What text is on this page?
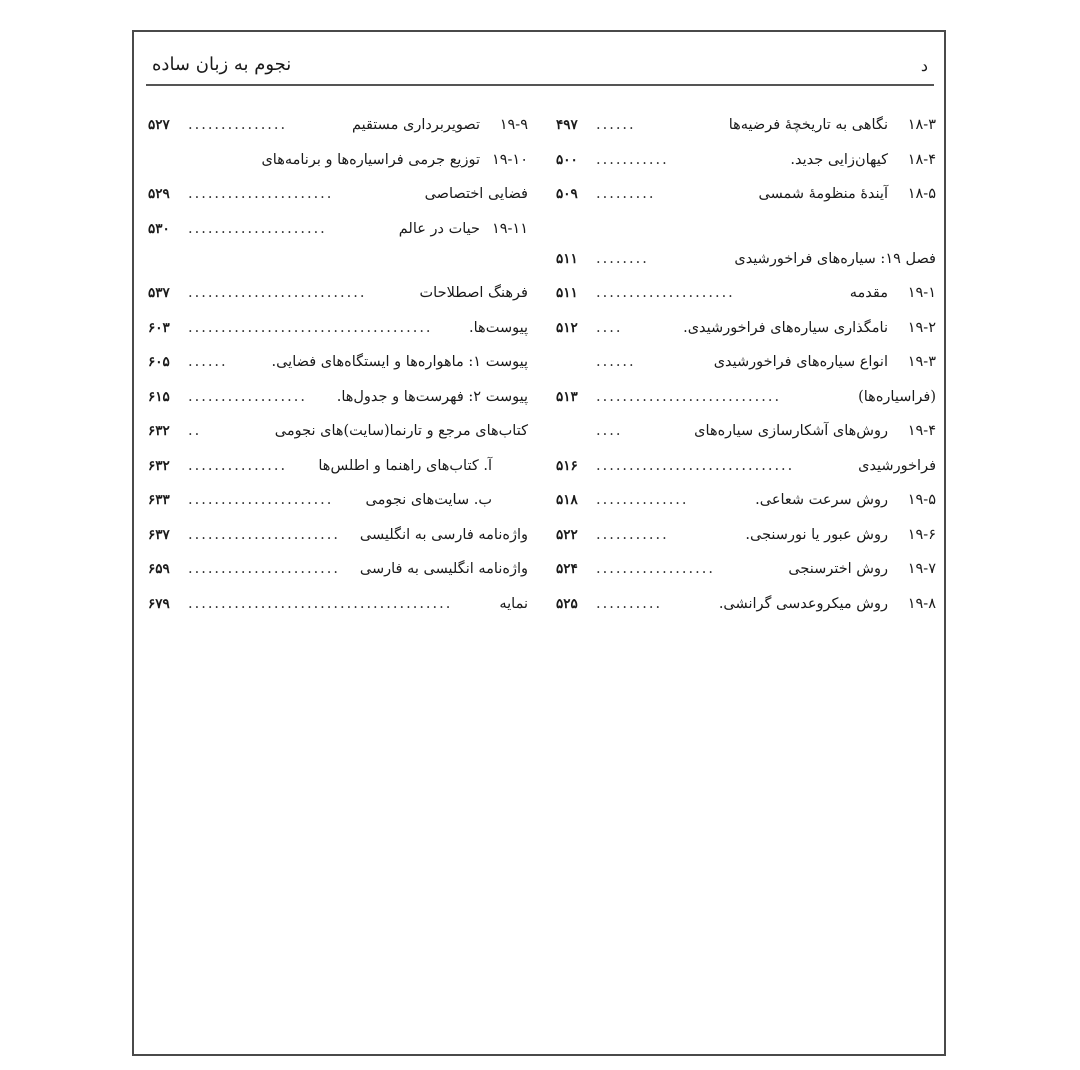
د
نجوم به زبان ساده
۱۸-۳
نگاهی به تاریخچهٔ فرضیه‌ها
......
۴۹۷
۱۸-۴
کیهان‌زایی جدید.
...........
۵۰۰
۱۸-۵
آیندهٔ منظومهٔ شمسی
.........
۵۰۹
فصل ۱۹: سیاره‌های فراخورشیدی
........
۵۱۱
۱۹-۱
مقدمه
.....................
۵۱۱
۱۹-۲
نامگذاری سیاره‌های فراخورشیدی.
....
۵۱۲
۱۹-۳
انواع سیاره‌های فراخورشیدی
......
(فراسیاره‌ها)
............................
۵۱۳
۱۹-۴
روش‌های آشکارسازی سیاره‌های
....
فراخورشیدی
..............................
۵۱۶
۱۹-۵
روش سرعت شعاعی.
..............
۵۱۸
۱۹-۶
روش عبور یا نورسنجی.
...........
۵۲۲
۱۹-۷
روش اخترسنجی
..................
۵۲۴
۱۹-۸
روش میکروعدسی گرانشی.
..........
۵۲۵
۱۹-۹
تصویربرداری مستقیم
...............
۵۲۷
۱۹-۱۰
توزیع جرمی فراسیاره‌ها و برنامه‌های
فضایی اختصاصی
......................
۵۲۹
۱۹-۱۱
حیات در عالم
.....................
۵۳۰
فرهنگ اصطلاحات
...........................
۵۳۷
پیوست‌ها.
.....................................
۶۰۳
پیوست ۱: ماهواره‌ها و ایستگاه‌های فضایی.
......
۶۰۵
پیوست ۲: فهرست‌ها و جدول‌ها.
..................
۶۱۵
کتاب‌های مرجع و تارنما(سایت)های نجومی
..
۶۳۲
آ. کتاب‌های راهنما و اطلس‌ها
...............
۶۳۲
ب. سایت‌های نجومی
......................
۶۳۳
واژه‌نامه فارسی به انگلیسی
.......................
۶۳۷
واژه‌نامه انگلیسی به فارسی
.......................
۶۵۹
نمایه
........................................
۶۷۹
